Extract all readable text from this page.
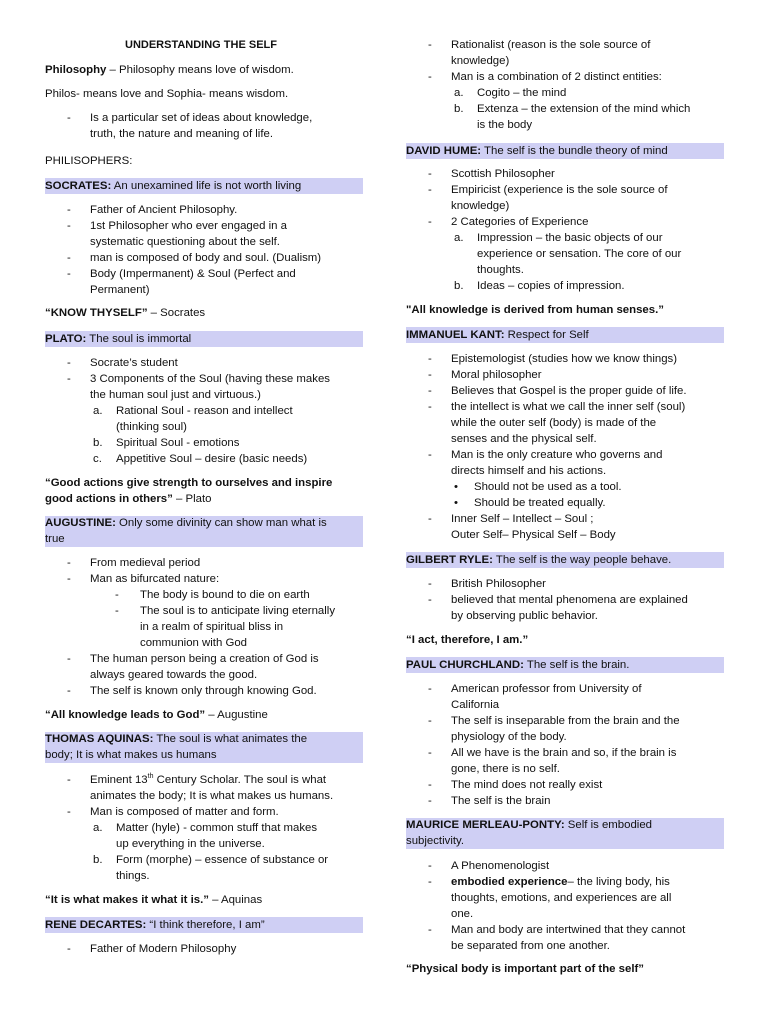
UNDERSTANDING THE SELF
Philosophy – Philosophy means love of wisdom.
Philos- means love and Sophia- means wisdom.
- Is a particular set of ideas about knowledge,
truth, the nature and meaning of life.
PHILISOPHERS:
SOCRATES: An unexamined life is not worth living
- Father of Ancient Philosophy.
- 1st Philosopher who ever engaged in a
systematic questioning about the self.
- man is composed of body and soul. (Dualism)
- Body (Impermanent) & Soul (Perfect and
Permanent)
“KNOW THYSELF” – Socrates
PLATO: The soul is immortal
- Socrate’s student
- 3 Components of the Soul (having these makes
the human soul just and virtuous.)
a. Rational Soul - reason and intellect
(thinking soul)
b. Spiritual Soul - emotions
c. Appetitive Soul – desire (basic needs)
“Good actions give strength to ourselves and inspire
good actions in others” – Plato
AUGUSTINE: Only some divinity can show man what is
true
- From medieval period
- Man as bifurcated nature:
- The body is bound to die on earth
- The soul is to anticipate living eternally
in a realm of spiritual bliss in
communion with God
- The human person being a creation of God is
always geared towards the good.
- The self is known only through knowing God.
“All knowledge leads to God” – Augustine
THOMAS AQUINAS: The soul is what animates the
body; It is what makes us humans
- Eminent 13th Century Scholar. The soul is what
animates the body; It is what makes us humans.
- Man is composed of matter and form.
a. Matter (hyle) - common stuff that makes
up everything in the universe.
b. Form (morphe) – essence of substance or
things.
“It is what makes it what it is.” – Aquinas
RENE DECARTES: “I think therefore, I am”
- Father of Modern Philosophy
- Rationalist (reason is the sole source of
knowledge)
- Man is a combination of 2 distinct entities:
a. Cogito – the mind
b. Extenza – the extension of the mind which
is the body
DAVID HUME: The self is the bundle theory of mind
- Scottish Philosopher
- Empiricist (experience is the sole source of
knowledge)
- 2 Categories of Experience
a. Impression – the basic objects of our
experience or sensation. The core of our
thoughts.
b. Ideas – copies of impression.
"All knowledge is derived from human senses.”
IMMANUEL KANT: Respect for Self
- Epistemologist (studies how we know things)
- Moral philosopher
- Believes that Gospel is the proper guide of life.
- the intellect is what we call the inner self (soul)
while the outer self (body) is made of the
senses and the physical self.
- Man is the only creature who governs and
directs himself and his actions.
• Should not be used as a tool.
• Should be treated equally.
- Inner Self – Intellect – Soul ;
Outer Self– Physical Self – Body
GILBERT RYLE: The self is the way people behave.
- British Philosopher
- believed that mental phenomena are explained
by observing public behavior.
“I act, therefore, I am.”
PAUL CHURCHLAND: The self is the brain.
- American professor from University of
California
- The self is inseparable from the brain and the
physiology of the body.
- All we have is the brain and so, if the brain is
gone, there is no self.
- The mind does not really exist
- The self is the brain
MAURICE MERLEAU-PONTY: Self is embodied
subjectivity.
- A Phenomenologist
- embodied experience– the living body, his
thoughts, emotions, and experiences are all
one.
- Man and body are intertwined that they cannot
be separated from one another.
“Physical body is important part of the self”
